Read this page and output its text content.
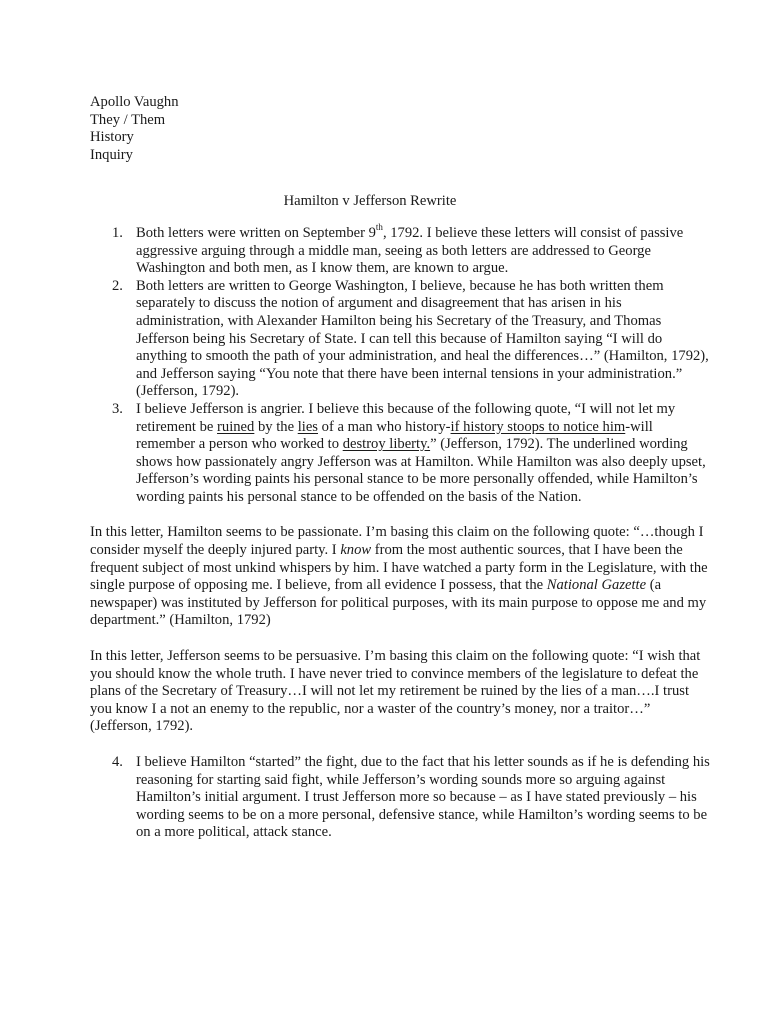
Apollo Vaughn
They / Them
History
Inquiry
Hamilton v Jefferson Rewrite
1. Both letters were written on September 9th, 1792. I believe these letters will consist of passive aggressive arguing through a middle man, seeing as both letters are addressed to George Washington and both men, as I know them, are known to argue.
2. Both letters are written to George Washington, I believe, because he has both written them separately to discuss the notion of argument and disagreement that has arisen in his administration, with Alexander Hamilton being his Secretary of the Treasury, and Thomas Jefferson being his Secretary of State. I can tell this because of Hamilton saying “I will do anything to smooth the path of your administration, and heal the differences…” (Hamilton, 1792), and Jefferson saying “You note that there have been internal tensions in your administration.” (Jefferson, 1792).
3. I believe Jefferson is angrier. I believe this because of the following quote, “I will not let my retirement be ruined by the lies of a man who history-if history stoops to notice him-will remember a person who worked to destroy liberty.” (Jefferson, 1792). The underlined wording shows how passionately angry Jefferson was at Hamilton. While Hamilton was also deeply upset, Jefferson’s wording paints his personal stance to be more personally offended, while Hamilton’s wording paints his personal stance to be offended on the basis of the Nation.

In this letter, Hamilton seems to be passionate. I’m basing this claim on the following quote: “…though I consider myself the deeply injured party. I know from the most authentic sources, that I have been the frequent subject of most unkind whispers by him. I have watched a party form in the Legislature, with the single purpose of opposing me. I believe, from all evidence I possess, that the National Gazette (a newspaper) was instituted by Jefferson for political purposes, with its main purpose to oppose me and my department.” (Hamilton, 1792)

In this letter, Jefferson seems to be persuasive. I’m basing this claim on the following quote: “I wish that you should know the whole truth. I have never tried to convince members of the legislature to defeat the plans of the Secretary of Treasury…I will not let my retirement be ruined by the lies of a man….I trust you know I a not an enemy to the republic, nor a waster of the country’s money, nor a traitor…” (Jefferson, 1792).

4. I believe Hamilton “started” the fight, due to the fact that his letter sounds as if he is defending his reasoning for starting said fight, while Jefferson’s wording sounds more so arguing against Hamilton’s initial argument. I trust Jefferson more so because – as I have stated previously – his wording seems to be on a more personal, defensive stance, while Hamilton’s wording seems to be on a more political, attack stance.
